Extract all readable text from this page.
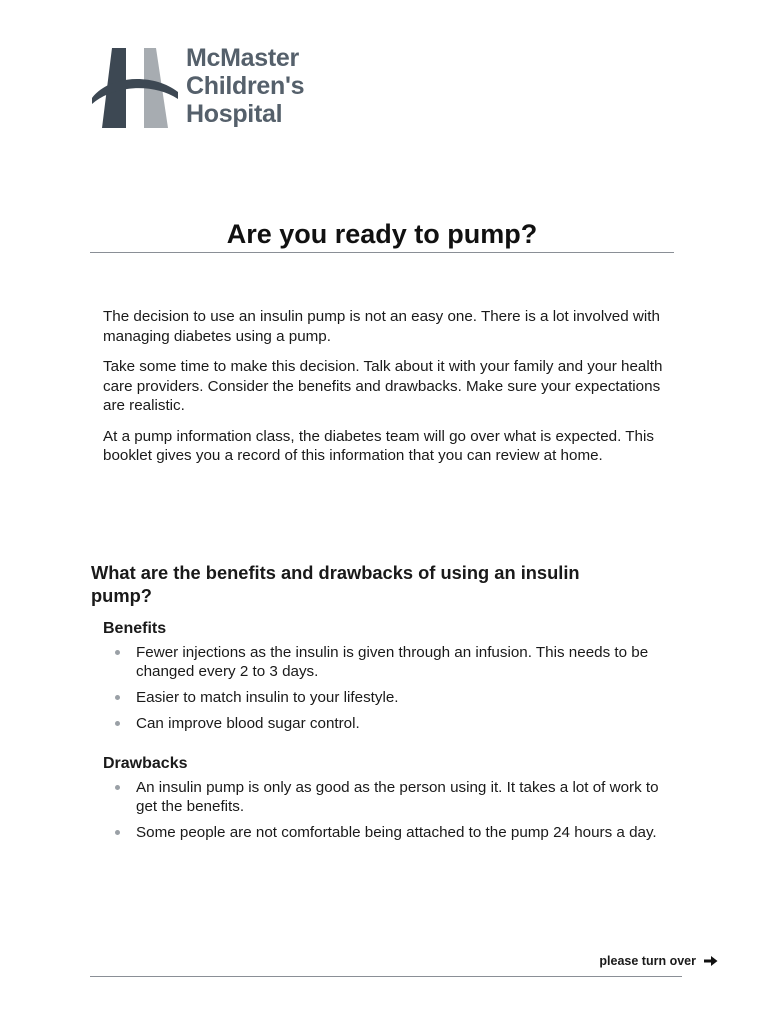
McMaster
Children's
Hospital
Are you ready to pump?

The decision to use an insulin pump is not an easy one. There is a lot involved with managing diabetes using a pump.

Take some time to make this decision. Talk about it with your family and your health care providers. Consider the benefits and drawbacks. Make sure your expectations are realistic.

At a pump information class, the diabetes team will go over what is expected. This booklet gives you a record of this information that you can review at home.

What are the benefits and drawbacks of using an insulin pump?
Benefits
Fewer injections as the insulin is given through an infusion. This needs to be changed every 2 to 3 days.
Easier to match insulin to your lifestyle.
Can improve blood sugar control.
Drawbacks
An insulin pump is only as good as the person using it. It takes a lot of work to get the benefits.
Some people are not comfortable being attached to the pump 24 hours a day.
please turn over
